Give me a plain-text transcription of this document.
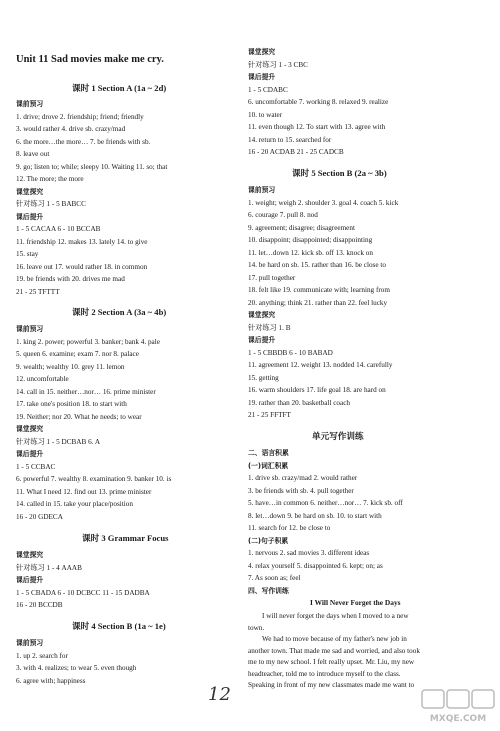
Unit 11 Sad movies make me cry.
课时 1 Section A (1a ~ 2d)
课前预习
1. drive; drove 2. friendship; friend; friendly
3. would rather 4. drive sb. crazy/mad
6. the more…the more… 7. be friends with sb.
8. leave out
9. go; listen to; while; sleepy 10. Waiting 11. so; that
12. The more; the more
课堂探究
针对练习 1 - 5 BABCC
课后提升
1 - 5 CACAA 6 - 10 BCCAB
11. friendship 12. makes 13. lately 14. to give
15. stay
16. leave out 17. would rather 18. in common
19. be friends with 20. drives me mad
21 - 25 TFTTT
课时 2 Section A (3a ~ 4b)
课前预习
1. king 2. power; powerful 3. banker; bank 4. pale
5. queen 6. examine; exam 7. nor 8. palace
9. wealth; wealthy 10. grey 11. lemon
12. uncomfortable
14. call in 15. neither…nor… 16. prime minister
17. take one's position 18. to start with
19. Neither; nor 20. What he needs; to wear
课堂探究
针对练习 1 - 5 DCBAB 6. A
课后提升
1 - 5 CCBAC
6. powerful 7. wealthy 8. examination 9. banker 10. is
11. What I need 12. find out 13. prime minister
14. called in 15. take your place/position
16 - 20 GDECA
课时 3 Grammar Focus
课堂探究
针对练习 1 - 4 AAAB
课后提升
1 - 5 CBADA 6 - 10 DCBCC 11 - 15 DADBA
16 - 20 BCCDB
课时 4 Section B (1a ~ 1e)
课前预习
1. up 2. search for
3. with 4. realizes; to wear 5. even though
6. agree with; happiness
课堂探究
针对练习 1 - 3 CBC
课后提升
1 - 5 CDABC
6. uncomfortable 7. working 8. relaxed 9. realize
10. to water
11. even though 12. To start with 13. agree with
14. return to 15. searched for
16 - 20 ACDAB 21 - 25 CADCB
课时 5 Section B (2a ~ 3b)
课前预习
1. weight; weigh 2. shoulder 3. goal 4. coach 5. kick
6. courage 7. pull 8. nod
9. agreement; disagree; disagreement
10. disappoint; disappointed; disappointing
11. let…down 12. kick sb. off 13. knock on
14. be hard on sb. 15. rather than 16. be close to
17. pull together
18. felt like 19. communicate with; learning from
20. anything; think 21. rather than 22. feel lucky
课堂探究
针对练习 1. B
课后提升
1 - 5 CBBDB 6 - 10 BABAD
11. agreement 12. weight 13. nodded 14. carefully
15. getting
16. warm shoulders 17. life goal 18. are hard on
19. rather than 20. basketball coach
21 - 25 FFTFT
单元写作训练
二、语言积累
(一)词汇积累
1. drive sb. crazy/mad 2. would rather
3. be friends with sb. 4. pull together
5. have…in common 6. neither…nor… 7. kick sb. off
8. let…down 9. be hard on sb. 10. to start with
11. search for 12. be close to
(二)句子积累
1. nervous 2. sad movies 3. different ideas
4. relax yourself 5. disappointed 6. kept; on; as
7. As soon as; feel
四、写作训练
I Will Never Forget the Days
I will never forget the days when I moved to a new
town.
We had to move because of my father's new job in
another town. That made me sad and worried, and also took
me to my new school. I felt really upset. Mr. Liu, my new
headteacher, told me to introduce myself to the class.
Speaking in front of my new classmates made me want to
12
MXQE.COM
